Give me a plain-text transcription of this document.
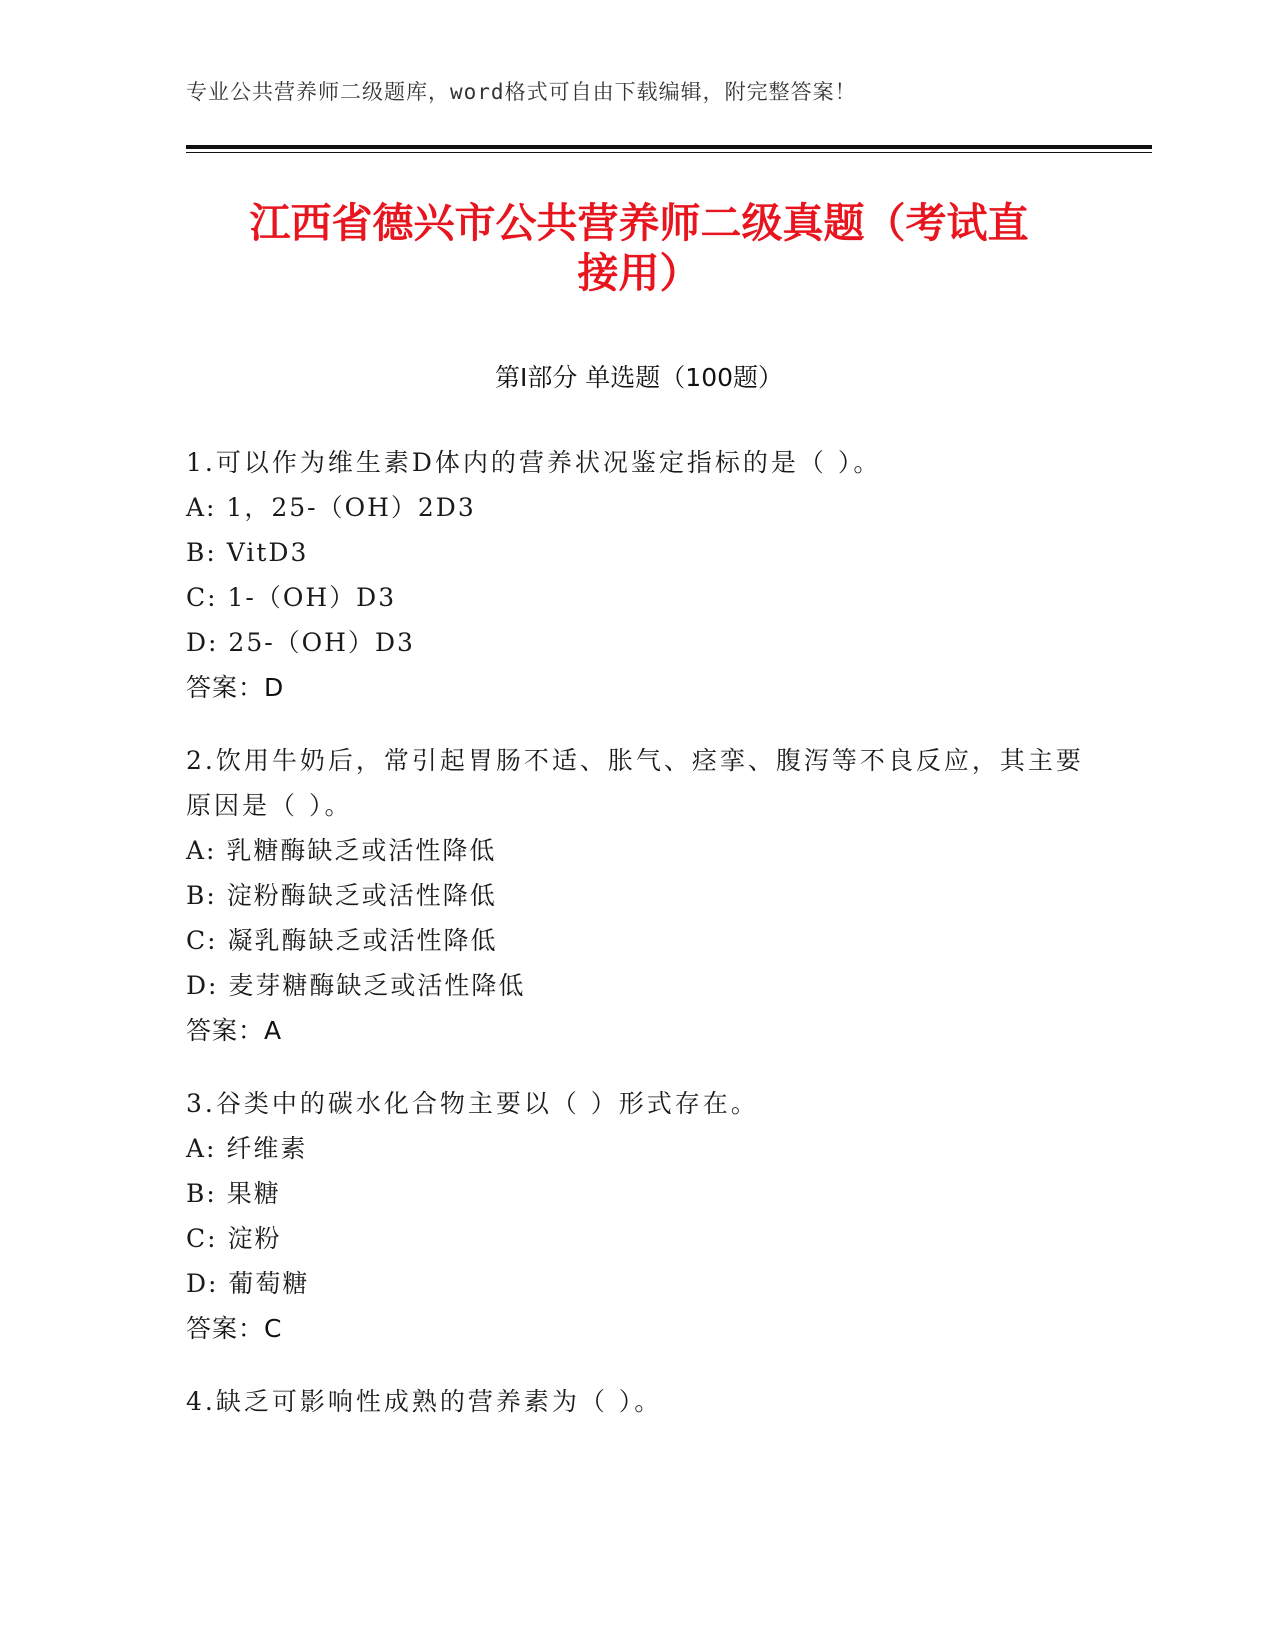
专业公共营养师二级题库，word格式可自由下载编辑，附完整答案！
江西省德兴市公共营养师二级真题（考试直
接用）
第Ⅰ部分 单选题（100题）
1.可以作为维生素D体内的营养状况鉴定指标的是（ ）。
A: 1，25-（OH）2D3
B: VitD3
C: 1-（OH）D3
D: 25-（OH）D3
答案：D
2.饮用牛奶后，常引起胃肠不适、胀气、痉挛、腹泻等不良反应，其主要原因是（ ）。
A: 乳糖酶缺乏或活性降低
B: 淀粉酶缺乏或活性降低
C: 凝乳酶缺乏或活性降低
D: 麦芽糖酶缺乏或活性降低
答案：A
3.谷类中的碳水化合物主要以（ ）形式存在。
A: 纤维素
B: 果糖
C: 淀粉
D: 葡萄糖
答案：C
4.缺乏可影响性成熟的营养素为（ ）。
